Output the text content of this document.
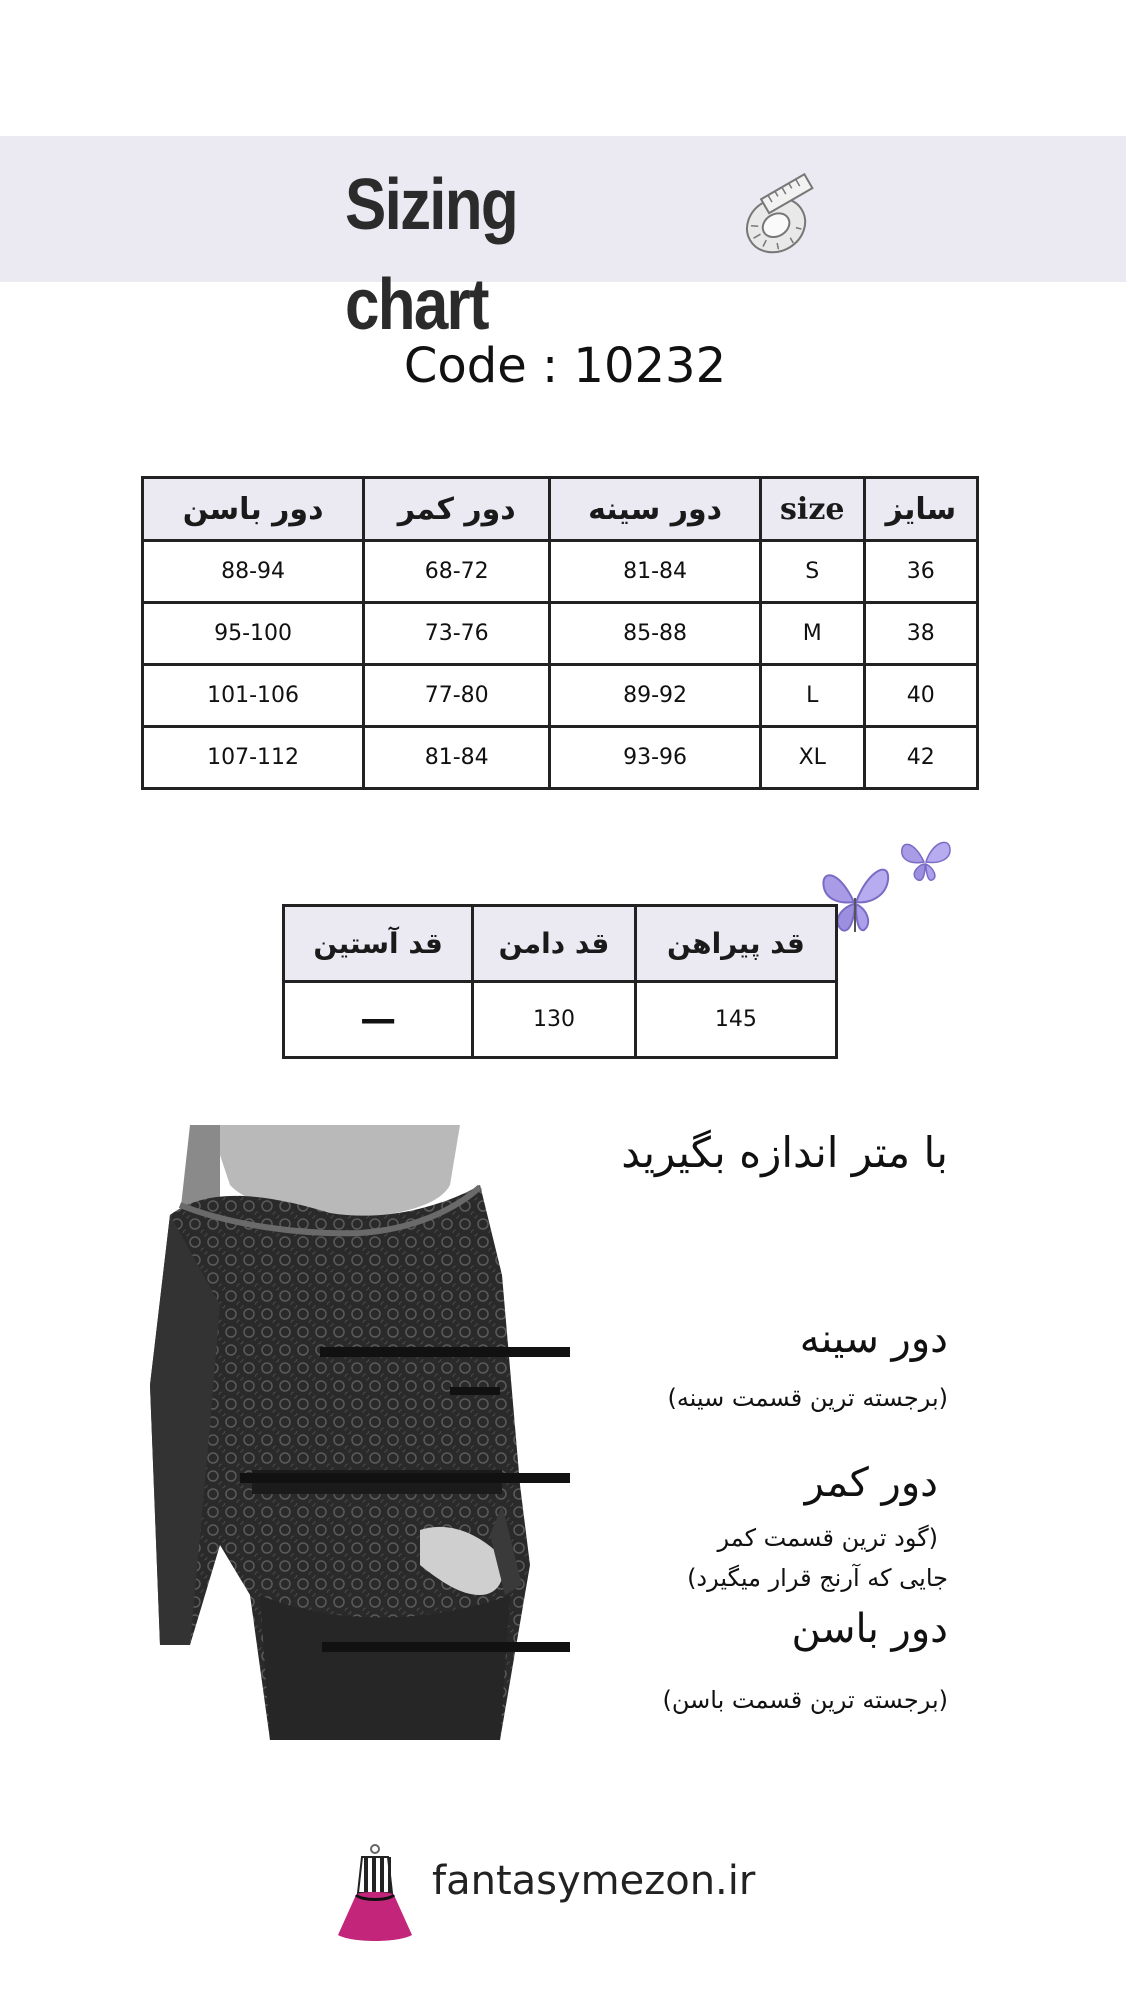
Sizing chart
Code : 10232
دور باسن	دور کمر	دور سینه	size	سایز
88-94	68-72	81-84	S	36
95-100	73-76	85-88	M	38
101-106	77-80	89-92	L	40
107-112	81-84	93-96	XL	42
قد آستین	قد دامن	قد پیراهن
—	130	145
با متر اندازه بگیرید
دور سینه
(برجسته ترین قسمت سینه)
دور کمر
(گود ترین قسمت کمر
جایی که آرنج قرار میگیرد)
دور باسن
(برجسته ترین قسمت باسن)
fantasymezon.ir
